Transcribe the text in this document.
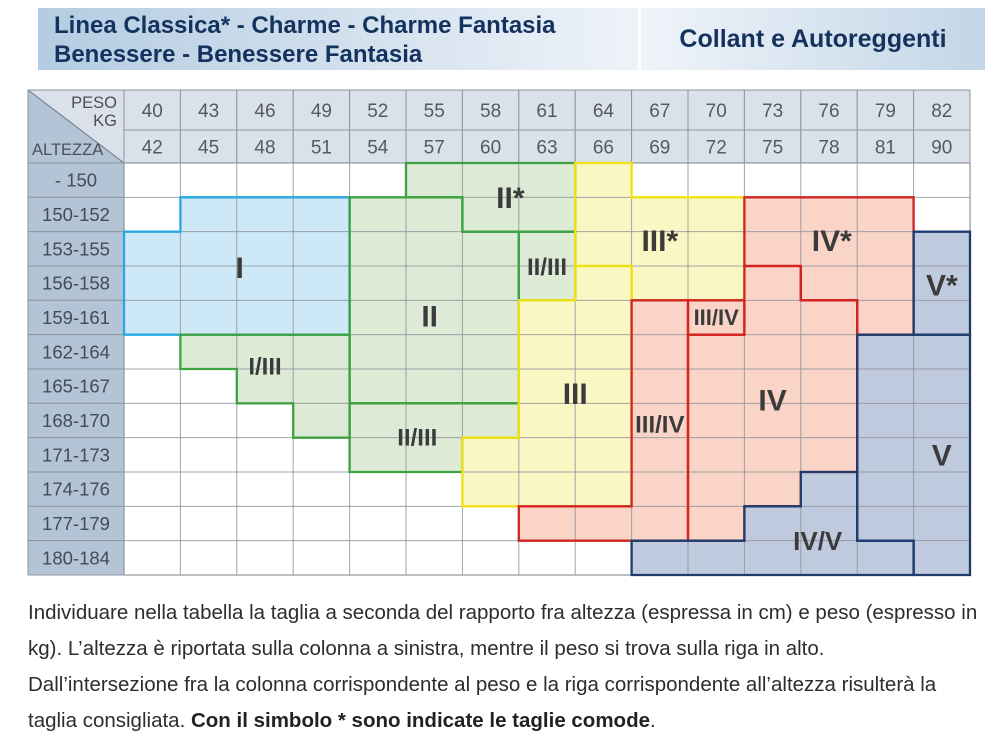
Linea Classica* - Charme - Charme Fantasia
Benessere - Benessere Fantasia
Collant e Autoreggenti
40 43 46 49 52 55 58 61 64 67 70 73 76 79 82
42 45 48 51 54 57 60 63 66 69 72 75 78 81 90
PESO
KG
ALTEZZA
- 150
150-152
153-155
156-158
159-161
162-164
165-167
168-170
171-173
174-176
177-179
180-184
I
I/III
II*
II
II/III
II/III
III*
III
III/IV
III/IV
IV*
IV
IV/V
V*
V

Individuare nella tabella la taglia a seconda del rapporto fra altezza (espressa in cm) e peso (espresso in kg). L’altezza è riportata sulla colonna a sinistra, mentre il peso si trova sulla riga in alto. Dall’intersezione fra la colonna corrispondente al peso e la riga corrispondente all’altezza risulterà la taglia consigliata. Con il simbolo * sono indicate le taglie comode.
